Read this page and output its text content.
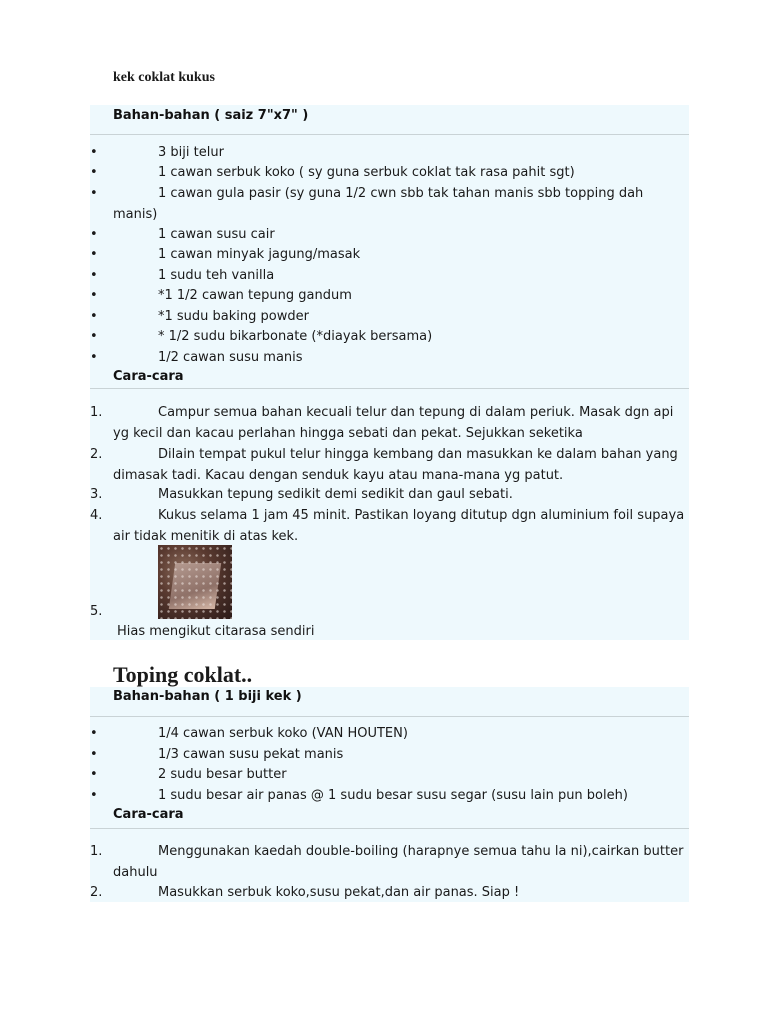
kek coklat kukus
Bahan-bahan ( saiz 7"x7" )
•	3 biji telur
•	1 cawan serbuk koko ( sy guna serbuk coklat tak rasa pahit sgt)
•	1 cawan gula pasir (sy guna 1/2 cwn sbb tak tahan manis sbb topping dah manis)
•	1 cawan susu cair
•	1 cawan minyak jagung/masak
•	1 sudu teh vanilla
•	*1 1/2 cawan tepung gandum
•	*1 sudu baking powder
•	* 1/2 sudu bikarbonate (*diayak bersama)
•	1/2 cawan susu manis
Cara-cara
1.	Campur semua bahan kecuali telur dan tepung di dalam periuk. Masak dgn api yg kecil dan kacau perlahan hingga sebati dan pekat. Sejukkan seketika
2.	Dilain tempat pukul telur hingga kembang dan masukkan ke dalam bahan yang dimasak tadi. Kacau dengan senduk kayu atau mana-mana yg patut.
3.	Masukkan tepung sedikit demi sedikit dan gaul sebati.
4.	Kukus selama 1 jam 45 minit. Pastikan loyang ditutup dgn aluminium foil supaya air tidak menitik di atas kek.
5.
Hias mengikut citarasa sendiri
Toping coklat..
Bahan-bahan ( 1 biji kek )
•	1/4 cawan serbuk koko (VAN HOUTEN)
•	1/3 cawan susu pekat manis
•	2 sudu besar butter
•	1 sudu besar air panas @ 1 sudu besar susu segar (susu lain pun boleh)
Cara-cara
1.	Menggunakan kaedah double-boiling (harapnye semua tahu la ni),cairkan butter dahulu
2.	Masukkan serbuk koko,susu pekat,dan air panas. Siap !
